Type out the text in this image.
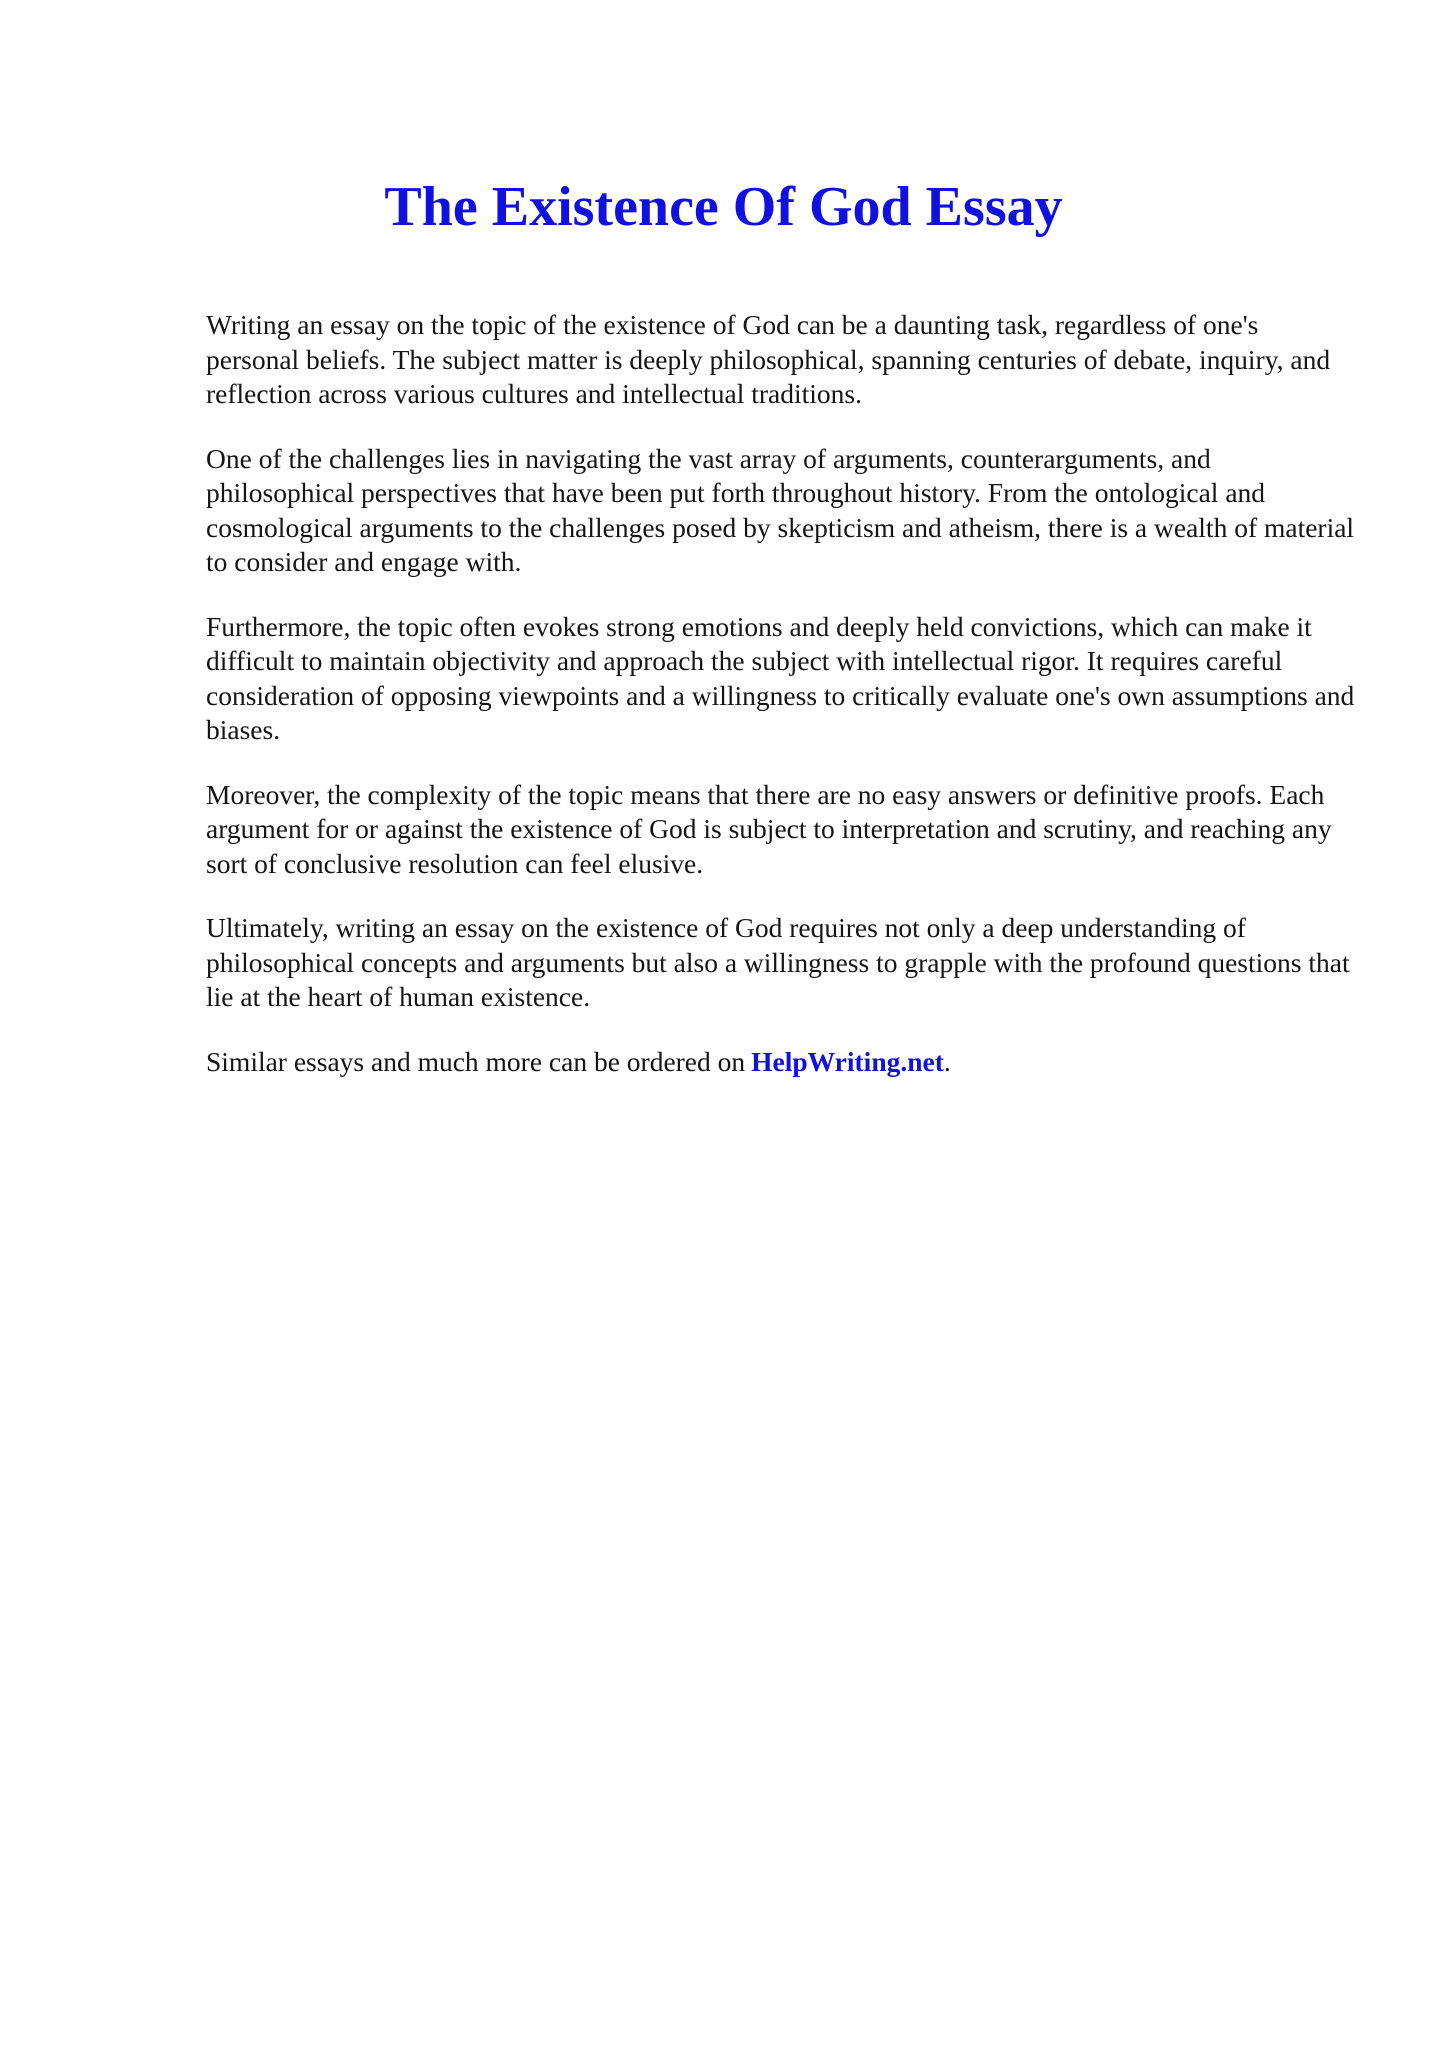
The Existence Of God Essay

Writing an essay on the topic of the existence of God can be a daunting task, regardless of one's personal beliefs. The subject matter is deeply philosophical, spanning centuries of debate, inquiry, and reflection across various cultures and intellectual traditions.

One of the challenges lies in navigating the vast array of arguments, counterarguments, and philosophical perspectives that have been put forth throughout history. From the ontological and cosmological arguments to the challenges posed by skepticism and atheism, there is a wealth of material to consider and engage with.

Furthermore, the topic often evokes strong emotions and deeply held convictions, which can make it difficult to maintain objectivity and approach the subject with intellectual rigor. It requires careful consideration of opposing viewpoints and a willingness to critically evaluate one's own assumptions and biases.

Moreover, the complexity of the topic means that there are no easy answers or definitive proofs. Each argument for or against the existence of God is subject to interpretation and scrutiny, and reaching any sort of conclusive resolution can feel elusive.

Ultimately, writing an essay on the existence of God requires not only a deep understanding of philosophical concepts and arguments but also a willingness to grapple with the profound questions that lie at the heart of human existence.

Similar essays and much more can be ordered on HelpWriting.net.
